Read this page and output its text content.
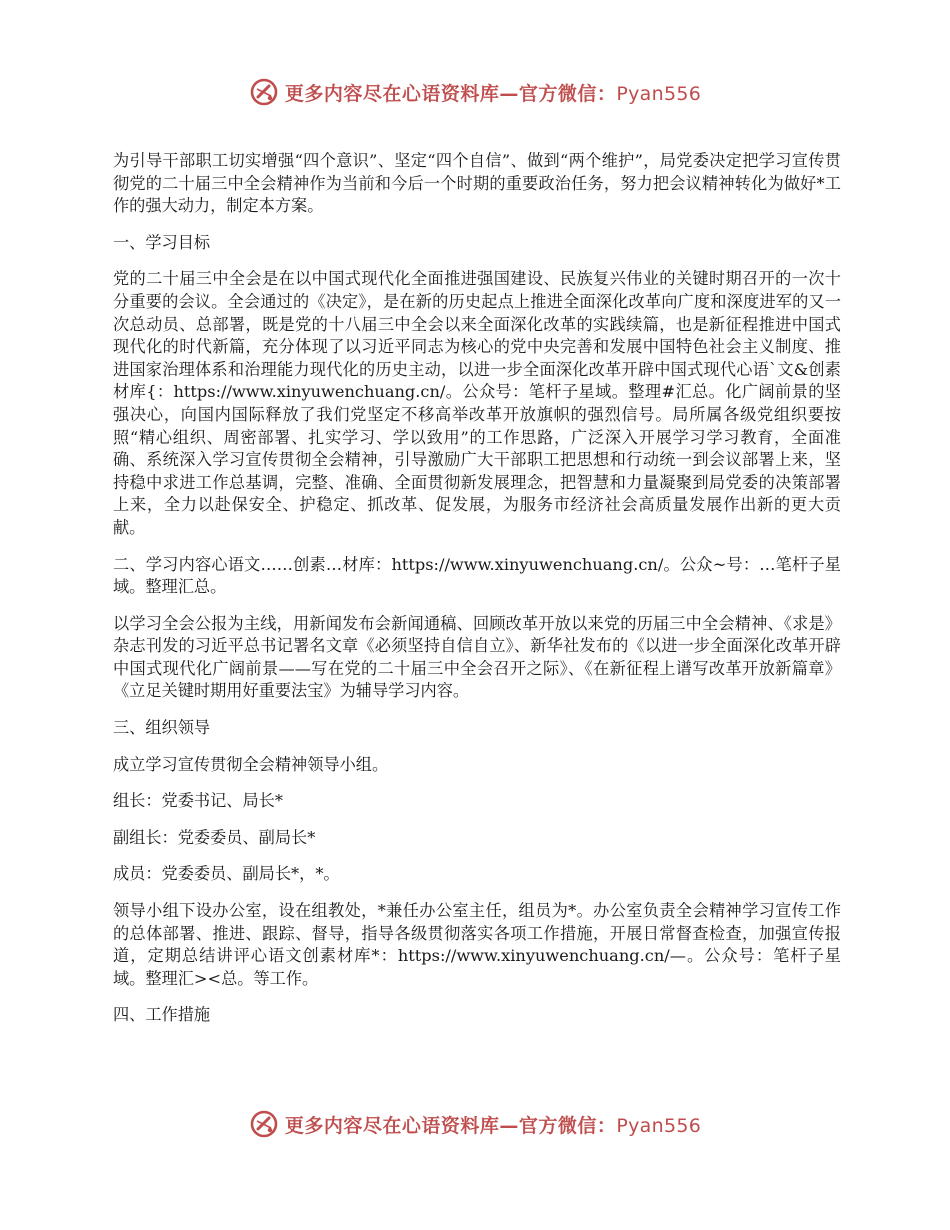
更多内容尽在心语资料库—官方微信：Pyan556

为引导干部职工切实增强“四个意识”、坚定“四个自信”、做到“两个维护”，局党委决定把学习宣传贯彻党的二十届三中全会精神作为当前和今后一个时期的重要政治任务，努力把会议精神转化为做好*工作的强大动力，制定本方案。

一、学习目标

党的二十届三中全会是在以中国式现代化全面推进强国建设、民族复兴伟业的关键时期召开的一次十分重要的会议。全会通过的《决定》，是在新的历史起点上推进全面深化改革向广度和深度进军的又一次总动员、总部署，既是党的十八届三中全会以来全面深化改革的实践续篇，也是新征程推进中国式现代化的时代新篇，充分体现了以习近平同志为核心的党中央完善和发展中国特色社会主义制度、推进国家治理体系和治理能力现代化的历史主动，以进一步全面深化改革开辟中国式现代心语`文&创素材库{：https://www.xinyuwenchuang.cn/。公众号：笔杆子星域。整理#汇总。化广阔前景的坚强决心，向国内国际释放了我们党坚定不移高举改革开放旗帜的强烈信号。局所属各级党组织要按照“精心组织、周密部署、扎实学习、学以致用”的工作思路，广泛深入开展学习学习教育，全面准确、系统深入学习宣传贯彻全会精神，引导激励广大干部职工把思想和行动统一到会议部署上来，坚持稳中求进工作总基调，完整、准确、全面贯彻新发展理念，把智慧和力量凝聚到局党委的决策部署上来，全力以赴保安全、护稳定、抓改革、促发展，为服务市经济社会高质量发展作出新的更大贡献。

二、学习内容心语文……创素…材库：https://www.xinyuwenchuang.cn/。公众~号：…笔杆子星域。整理汇总。

以学习全会公报为主线，用新闻发布会新闻通稿、回顾改革开放以来党的历届三中全会精神、《求是》杂志刊发的习近平总书记署名文章《必须坚持自信自立》、新华社发布的《以进一步全面深化改革开辟中国式现代化广阔前景——写在党的二十届三中全会召开之际》、《在新征程上谱写改革开放新篇章》《立足关键时期用好重要法宝》为辅导学习内容。

三、组织领导

成立学习宣传贯彻全会精神领导小组。

组长：党委书记、局长*

副组长：党委委员、副局长*

成员：党委委员、副局长*，*。

领导小组下设办公室，设在组教处，*兼任办公室主任，组员为*。办公室负责全会精神学习宣传工作的总体部署、推进、跟踪、督导，指导各级贯彻落实各项工作措施，开展日常督查检查，加强宣传报道，定期总结讲评心语文创素材库*：https://www.xinyuwenchuang.cn/—。公众号：笔杆子星域。整理汇><总。等工作。

四、工作措施

更多内容尽在心语资料库—官方微信：Pyan556
